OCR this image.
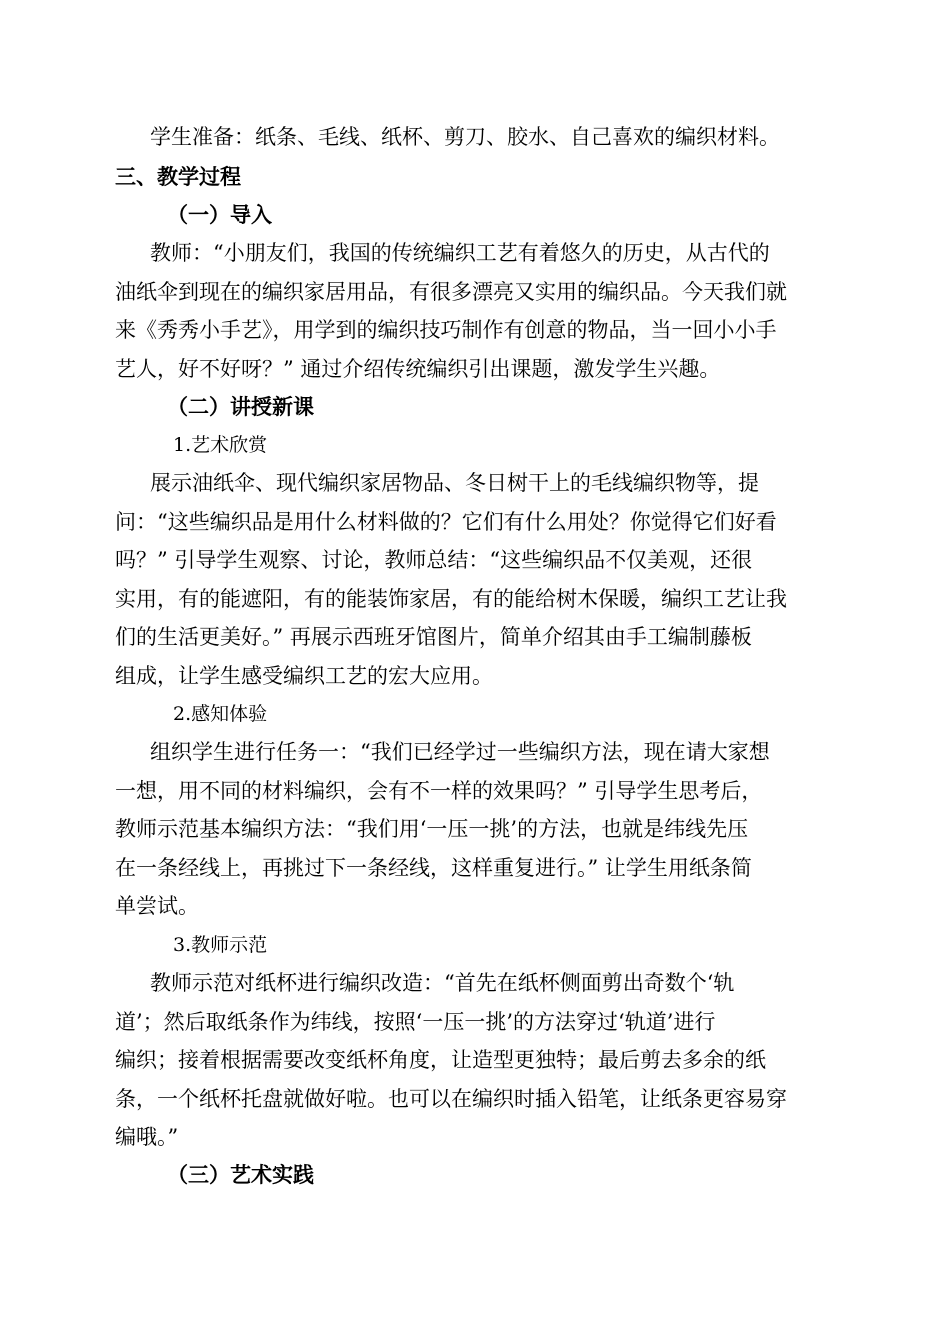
学生准备：纸条、毛线、纸杯、剪刀、胶水、自己喜欢的编织材料。
三、教学过程
（一）导入
教师：“小朋友们，我国的传统编织工艺有着悠久的历史，从古代的
油纸伞到现在的编织家居用品，有很多漂亮又实用的编织品。今天我们就
来《秀秀小手艺》，用学到的编织技巧制作有创意的物品，当一回小小手
艺人，好不好呀？” 通过介绍传统编织引出课题，激发学生兴趣。
（二）讲授新课
1.艺术欣赏
展示油纸伞、现代编织家居物品、冬日树干上的毛线编织物等，提
问：“这些编织品是用什么材料做的？它们有什么用处？你觉得它们好看
吗？” 引导学生观察、讨论，教师总结：“这些编织品不仅美观，还很
实用，有的能遮阳，有的能装饰家居，有的能给树木保暖，编织工艺让我
们的生活更美好。” 再展示西班牙馆图片，简单介绍其由手工编制藤板
组成，让学生感受编织工艺的宏大应用。
2.感知体验
组织学生进行任务一：“我们已经学过一些编织方法，现在请大家想
一想，用不同的材料编织，会有不一样的效果吗？” 引导学生思考后，
教师示范基本编织方法：“我们用‘一压一挑’的方法，也就是纬线先压
在一条经线上，再挑过下一条经线，这样重复进行。” 让学生用纸条简
单尝试。
3.教师示范
教师示范对纸杯进行编织改造：“首先在纸杯侧面剪出奇数个‘轨
道’；然后取纸条作为纬线，按照‘一压一挑’的方法穿过‘轨道’进行
编织；接着根据需要改变纸杯角度，让造型更独特；最后剪去多余的纸
条，一个纸杯托盘就做好啦。也可以在编织时插入铅笔，让纸条更容易穿
编哦。”
（三）艺术实践
